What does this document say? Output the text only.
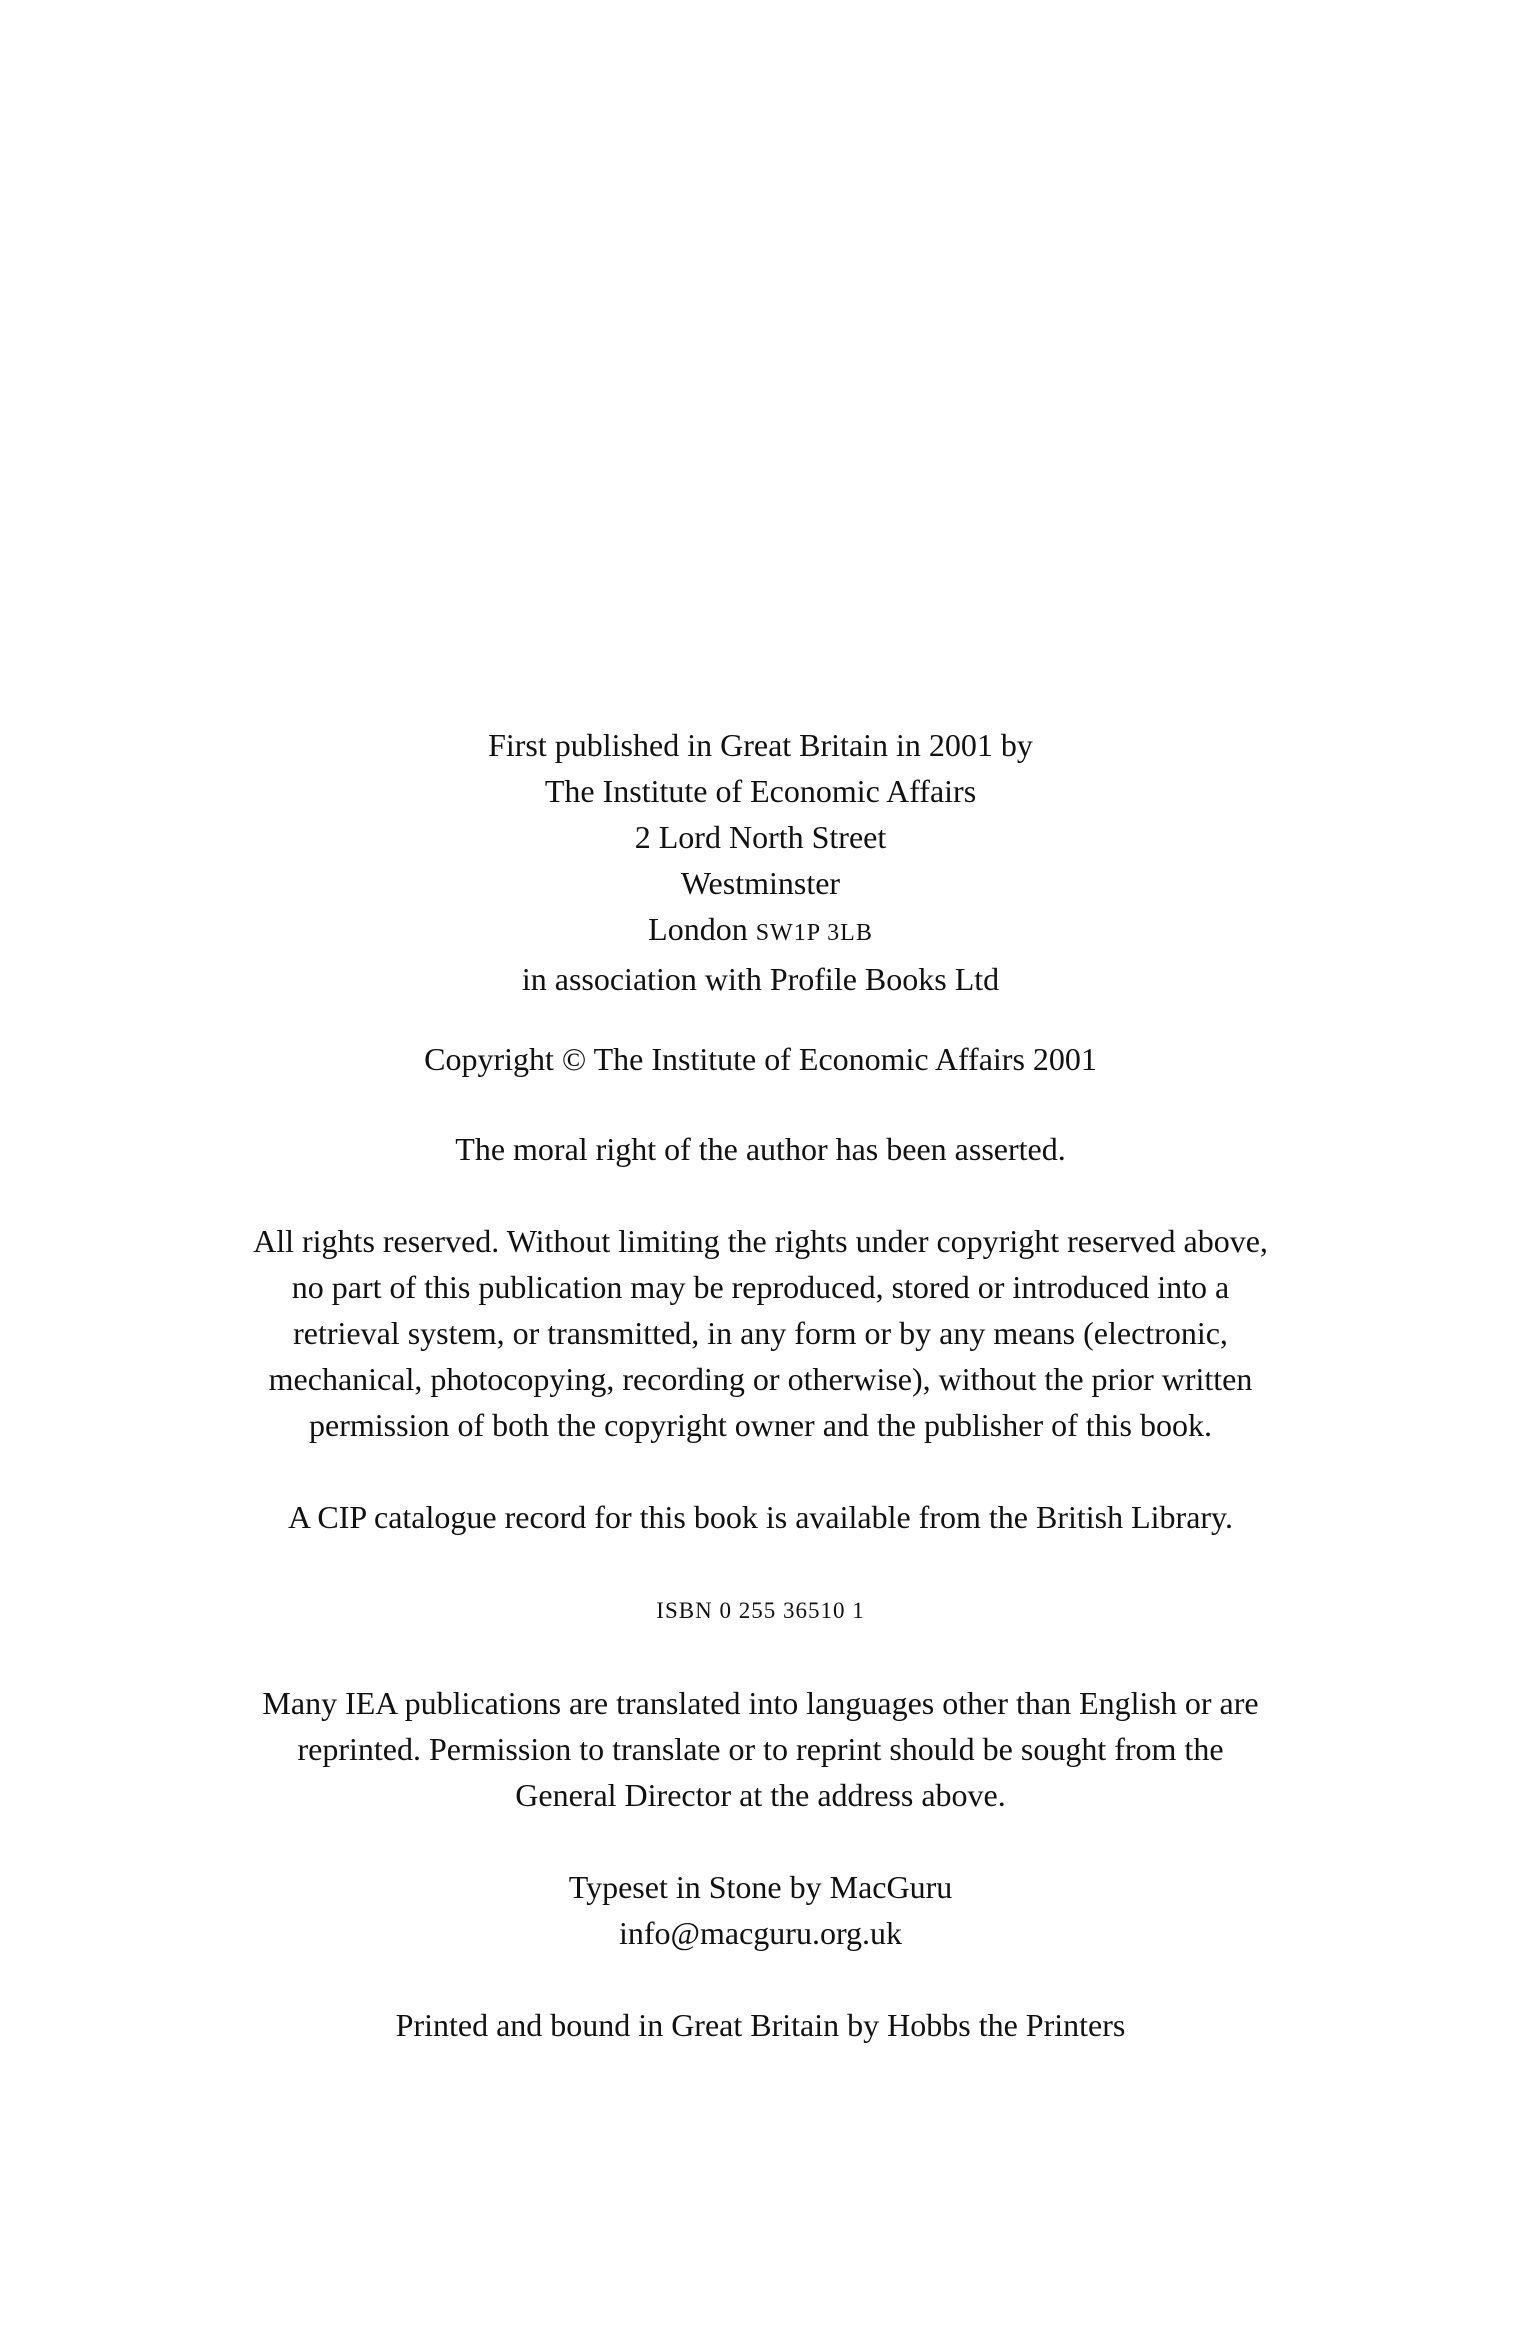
First published in Great Britain in 2001 by
The Institute of Economic Affairs
2 Lord North Street
Westminster
London SW1P 3LB
in association with Profile Books Ltd
Copyright © The Institute of Economic Affairs 2001
The moral right of the author has been asserted.
All rights reserved. Without limiting the rights under copyright reserved above,
no part of this publication may be reproduced, stored or introduced into a
retrieval system, or transmitted, in any form or by any means (electronic,
mechanical, photocopying, recording or otherwise), without the prior written
permission of both the copyright owner and the publisher of this book.
A CIP catalogue record for this book is available from the British Library.
ISBN 0 255 36510 1
Many IEA publications are translated into languages other than English or are
reprinted. Permission to translate or to reprint should be sought from the
General Director at the address above.
Typeset in Stone by MacGuru
info@macguru.org.uk
Printed and bound in Great Britain by Hobbs the Printers
